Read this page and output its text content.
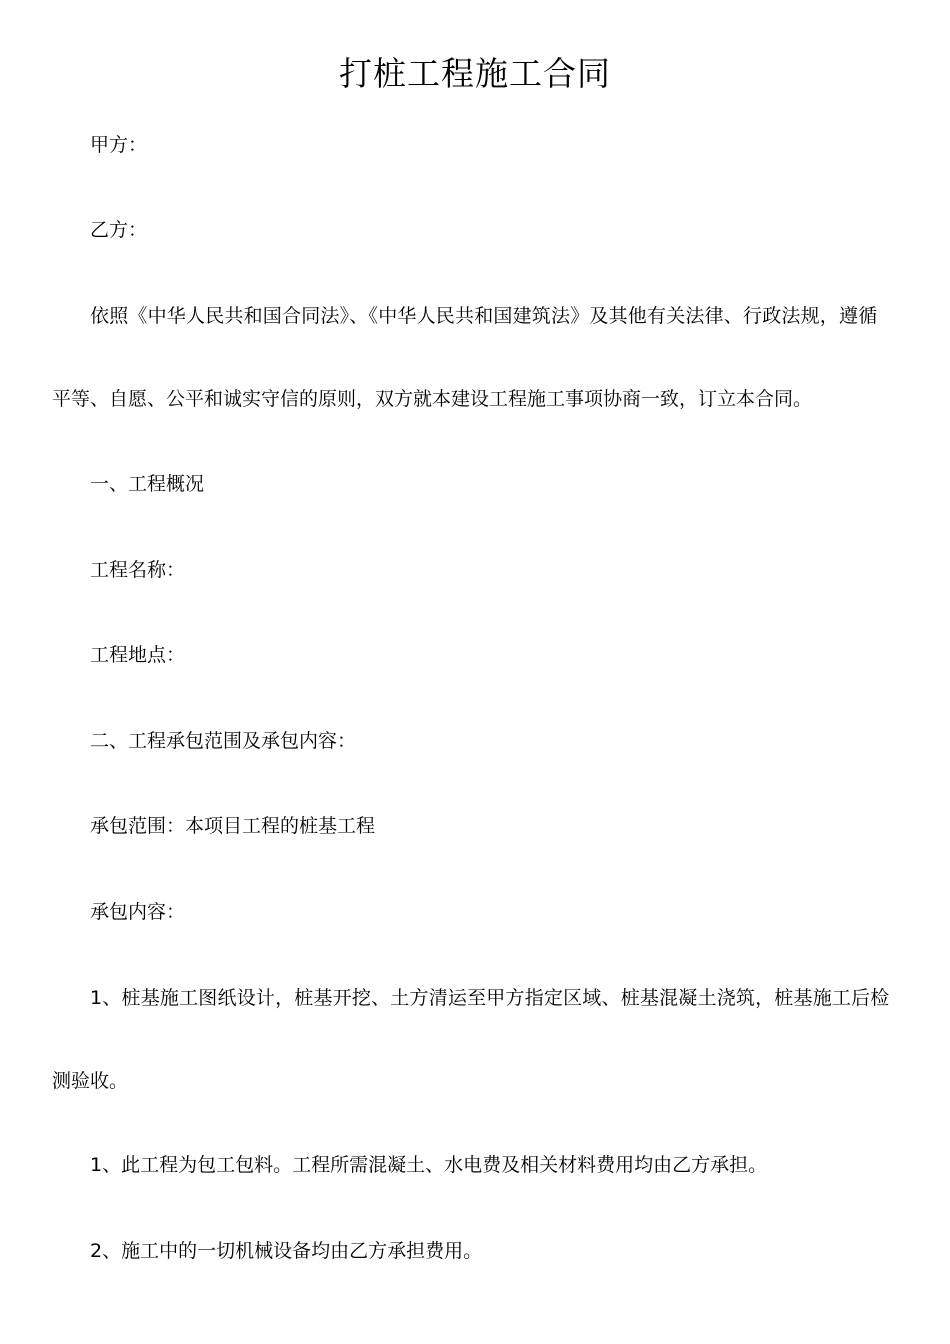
打桩工程施工合同
甲方：
乙方：
依照《中华人民共和国合同法》、《中华人民共和国建筑法》及其他有关法律、行政法规，遵循
平等、自愿、公平和诚实守信的原则，双方就本建设工程施工事项协商一致，订立本合同。
一、工程概况
工程名称：
工程地点：
二、工程承包范围及承包内容：
承包范围：本项目工程的桩基工程
承包内容：
1、桩基施工图纸设计，桩基开挖、土方清运至甲方指定区域、桩基混凝土浇筑，桩基施工后检
测验收。
1、此工程为包工包料。工程所需混凝土、水电费及相关材料费用均由乙方承担。
2、施工中的一切机械设备均由乙方承担费用。
